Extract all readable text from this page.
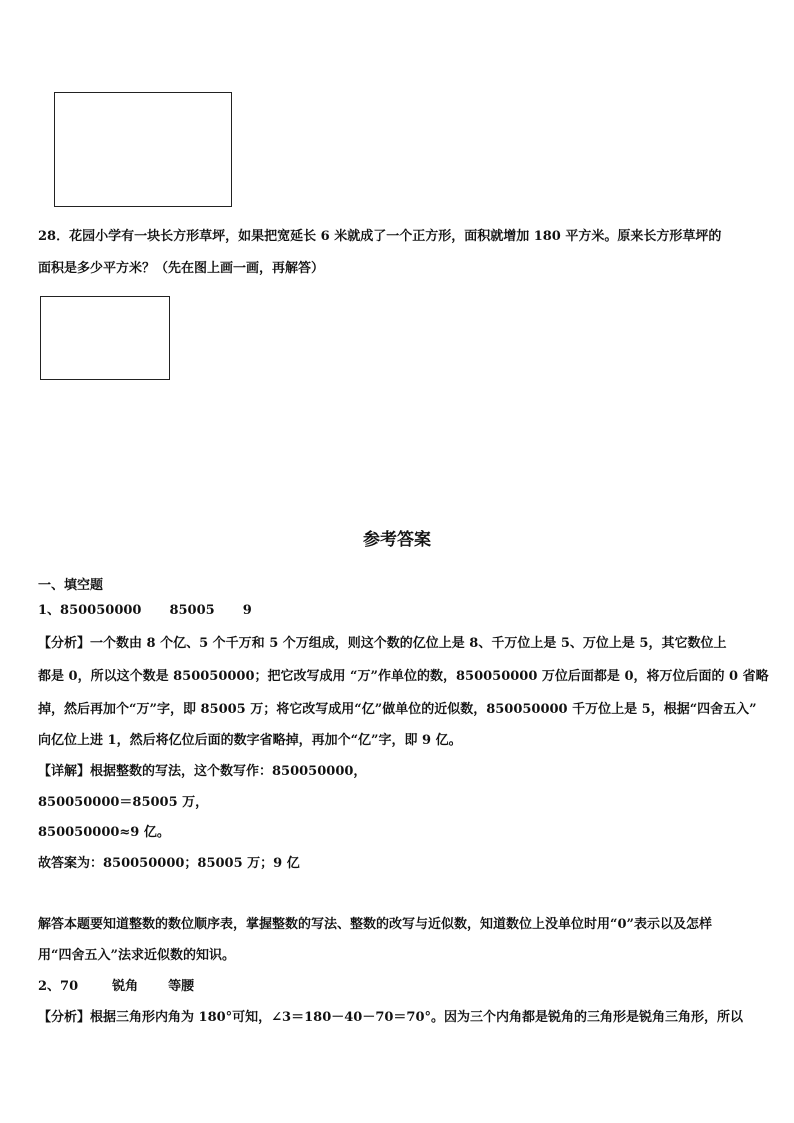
28．花园小学有一块长方形草坪，如果把宽延长 6 米就成了一个正方形，面积就增加 180 平方米。原来长方形草坪的
面积是多少平方米？（先在图上画一画，再解答）
参考答案
一、填空题
1、850050000 85005 9
【分析】一个数由 8 个亿、5 个千万和 5 个万组成，则这个数的亿位上是 8、千万位上是 5、万位上是 5，其它数位上
都是 0，所以这个数是 850050000；把它改写成用 “万”作单位的数，850050000 万位后面都是 0，将万位后面的 0 省略
掉，然后再加个“万”字，即 85005 万；将它改写成用“亿”做单位的近似数，850050000 千万位上是 5，根据“四舍五入”
向亿位上进 1，然后将亿位后面的数字省略掉，再加个“亿”字，即 9 亿。
【详解】根据整数的写法，这个数写作：850050000，
850050000＝85005 万，
850050000≈9 亿。
故答案为：850050000；85005 万；9 亿
解答本题要知道整数的数位顺序表，掌握整数的写法、整数的改写与近似数，知道数位上没单位时用“0”表示以及怎样
用“四舍五入”法求近似数的知识。
2、70	锐角 等腰
【分析】根据三角形内角为 180°可知，∠3＝180－40－70＝70°。因为三个内角都是锐角的三角形是锐角三角形，所以
